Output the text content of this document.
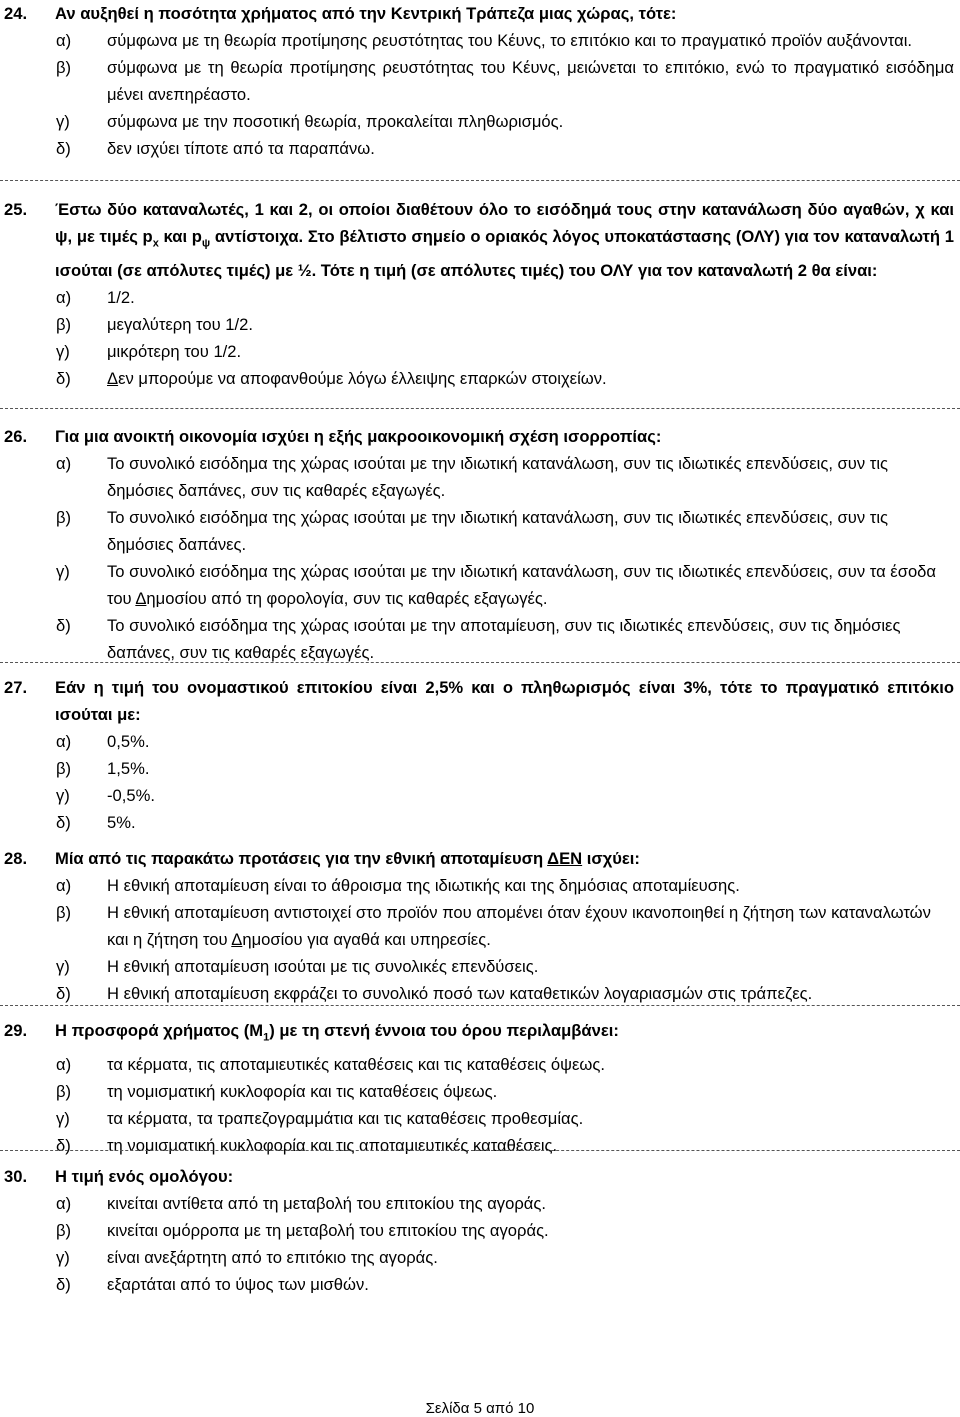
24. Αν αυξηθεί η ποσότητα χρήματος από την Κεντρική Τράπεζα μιας χώρας, τότε:
α) σύμφωνα με τη θεωρία προτίμησης ρευστότητας του Κέυνς, το επιτόκιο και το πραγματικό προϊόν αυξάνονται.
β) σύμφωνα με τη θεωρία προτίμησης ρευστότητας του Κέυνς, μειώνεται το επιτόκιο, ενώ το πραγματικό εισόδημα μένει ανεπηρέαστο.
γ) σύμφωνα με την ποσοτική θεωρία, προκαλείται πληθωρισμός.
δ) δεν ισχύει τίποτε από τα παραπάνω.
25. Έστω δύο καταναλωτές, 1 και 2, οι οποίοι διαθέτουν όλο το εισόδημά τους στην κατανάλωση δύο αγαθών, χ και ψ, με τιμές $p_x$ και $p_\psi$ αντίστοιχα. Στο βέλτιστο σημείο ο οριακός λόγος υποκατάστασης (ΟΛΥ) για τον καταναλωτή 1 ισούται (σε απόλυτες τιμές) με ½. Τότε η τιμή (σε απόλυτες τιμές) του ΟΛΥ για τον καταναλωτή 2 θα είναι:
α) 1/2.
β) μεγαλύτερη του 1/2.
γ) μικρότερη του 1/2.
δ) Δεν μπορούμε να αποφανθούμε λόγω έλλειψης επαρκών στοιχείων.
26. Για μια ανοικτή οικονομία ισχύει η εξής μακροοικονομική σχέση ισορροπίας:
α) Το συνολικό εισόδημα της χώρας ισούται με την ιδιωτική κατανάλωση, συν τις ιδιωτικές επενδύσεις, συν τις δημόσιες δαπάνες, συν τις καθαρές εξαγωγές.
β) Το συνολικό εισόδημα της χώρας ισούται με την ιδιωτική κατανάλωση, συν τις ιδιωτικές επενδύσεις, συν τις δημόσιες δαπάνες.
γ) Το συνολικό εισόδημα της χώρας ισούται με την ιδιωτική κατανάλωση, συν τις ιδιωτικές επενδύσεις, συν τα έσοδα του Δημοσίου από τη φορολογία, συν τις καθαρές εξαγωγές.
δ) Το συνολικό εισόδημα της χώρας ισούται με την αποταμίευση, συν τις ιδιωτικές επενδύσεις, συν τις δημόσιες δαπάνες, συν τις καθαρές εξαγωγές.
27. Εάν η τιμή του ονομαστικού επιτοκίου είναι 2,5% και ο πληθωρισμός είναι 3%, τότε το πραγματικό επιτόκιο ισούται με:
α) 0,5%.
β) 1,5%.
γ) -0,5%.
δ) 5%.
28. Μία από τις παρακάτω προτάσεις για την εθνική αποταμίευση ΔΕΝ ισχύει:
α) Η εθνική αποταμίευση είναι το άθροισμα της ιδιωτικής και της δημόσιας αποταμίευσης.
β) Η εθνική αποταμίευση αντιστοιχεί στο προϊόν που απομένει όταν έχουν ικανοποιηθεί η ζήτηση των καταναλωτών και η ζήτηση του Δημοσίου για αγαθά και υπηρεσίες.
γ) Η εθνική αποταμίευση ισούται με τις συνολικές επενδύσεις.
δ) Η εθνική αποταμίευση εκφράζει το συνολικό ποσό των καταθετικών λογαριασμών στις τράπεζες.
29. Η προσφορά χρήματος $(M_1)$ με τη στενή έννοια του όρου περιλαμβάνει:
α) τα κέρματα, τις αποταμιευτικές καταθέσεις και τις καταθέσεις όψεως.
β) τη νομισματική κυκλοφορία και τις καταθέσεις όψεως.
γ) τα κέρματα, τα τραπεζογραμμάτια και τις καταθέσεις προθεσμίας.
δ) τη νομισματική κυκλοφορία και τις αποταμιευτικές καταθέσεις.
30. Η τιμή ενός ομολόγου:
α) κινείται αντίθετα από τη μεταβολή του επιτοκίου της αγοράς.
β) κινείται ομόρροπα με τη μεταβολή του επιτοκίου της αγοράς.
γ) είναι ανεξάρτητη από το επιτόκιο της αγοράς.
δ) εξαρτάται από το ύψος των μισθών.
Σελίδα 5 από 10
